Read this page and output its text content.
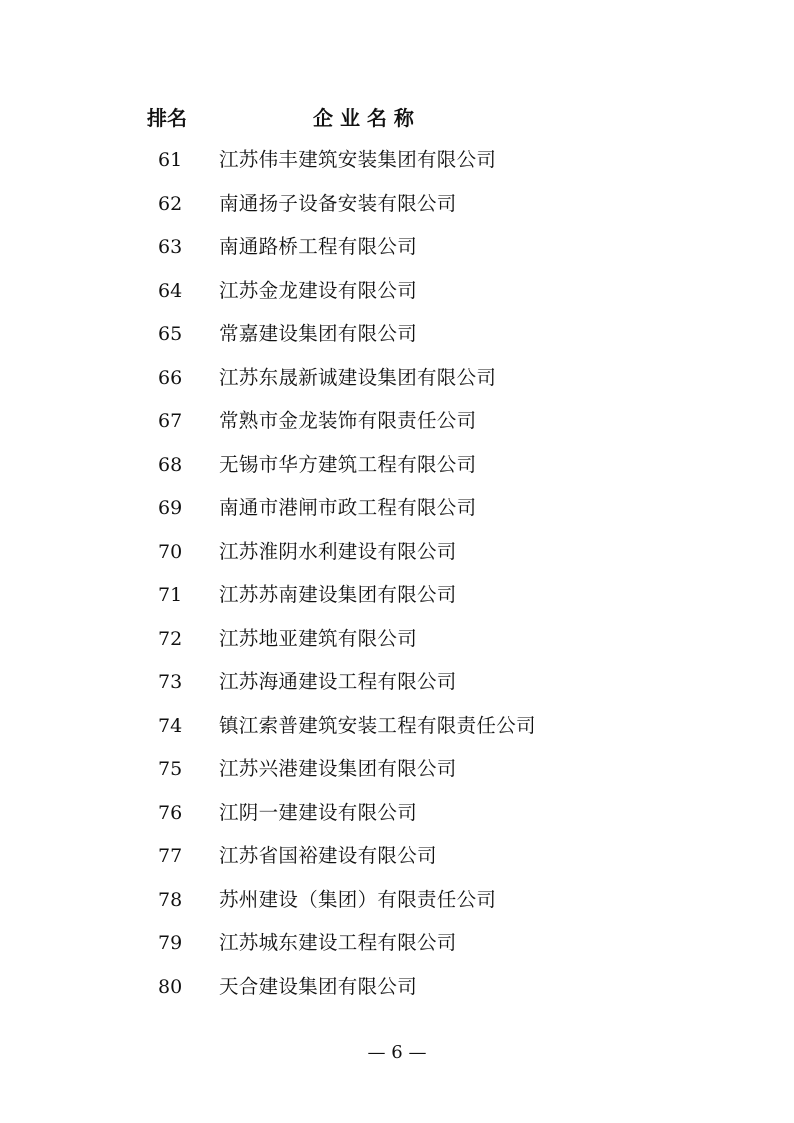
排名	企 业 名 称
61 江苏伟丰建筑安装集团有限公司
62 南通扬子设备安装有限公司
63 南通路桥工程有限公司
64 江苏金龙建设有限公司
65 常嘉建设集团有限公司
66 江苏东晟新诚建设集团有限公司
67 常熟市金龙装饰有限责任公司
68 无锡市华方建筑工程有限公司
69 南通市港闸市政工程有限公司
70 江苏淮阴水利建设有限公司
71 江苏苏南建设集团有限公司
72 江苏地亚建筑有限公司
73 江苏海通建设工程有限公司
74 镇江索普建筑安装工程有限责任公司
75 江苏兴港建设集团有限公司
76 江阴一建建设有限公司
77 江苏省国裕建设有限公司
78 苏州建设（集团）有限责任公司
79 江苏城东建设工程有限公司
80 天合建设集团有限公司
— 6 —
